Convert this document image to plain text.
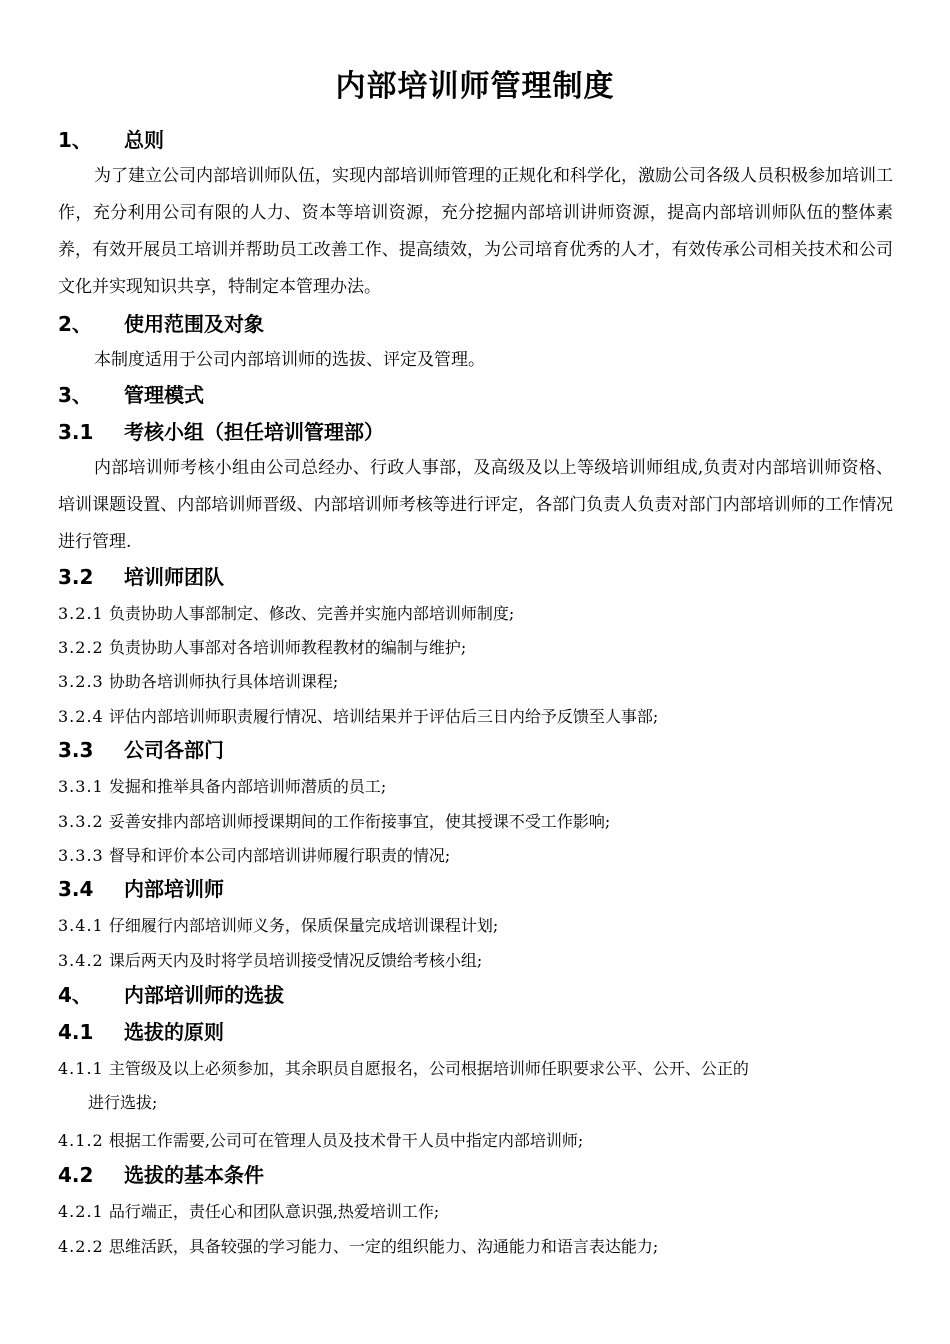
内部培训师管理制度
1、 总则
为了建立公司内部培训师队伍，实现内部培训师管理的正规化和科学化，激励公司各级人员积极参加培训工作，充分利用公司有限的人力、资本等培训资源，充分挖掘内部培训讲师资源，提高内部培训师队伍的整体素养，有效开展员工培训并帮助员工改善工作、提高绩效，为公司培育优秀的人才，有效传承公司相关技术和公司文化并实现知识共享，特制定本管理办法。
2、 使用范围及对象
本制度适用于公司内部培训师的选拔、评定及管理。
3、 管理模式
3.1 考核小组（担任培训管理部）
内部培训师考核小组由公司总经办、行政人事部，及高级及以上等级培训师组成,负责对内部培训师资格、培训课题设置、内部培训师晋级、内部培训师考核等进行评定，各部门负责人负责对部门内部培训师的工作情况进行管理.
3.2 培训师团队
3.2.1 负责协助人事部制定、修改、完善并实施内部培训师制度;
3.2.2 负责协助人事部对各培训师教程教材的编制与维护;
3.2.3 协助各培训师执行具体培训课程;
3.2.4 评估内部培训师职责履行情况、培训结果并于评估后三日内给予反馈至人事部;
3.3 公司各部门
3.3.1 发掘和推举具备内部培训师潜质的员工;
3.3.2 妥善安排内部培训师授课期间的工作衔接事宜，使其授课不受工作影响;
3.3.3 督导和评价本公司内部培训讲师履行职责的情况;
3.4 内部培训师
3.4.1 仔细履行内部培训师义务，保质保量完成培训课程计划;
3.4.2 课后两天内及时将学员培训接受情况反馈给考核小组;
4、 内部培训师的选拔
4.1 选拔的原则
4.1.1 主管级及以上必须参加，其余职员自愿报名，公司根据培训师任职要求公平、公开、公正的
进行选拔;
4.1.2 根据工作需要,公司可在管理人员及技术骨干人员中指定内部培训师;
4.2 选拔的基本条件
4.2.1 品行端正，责任心和团队意识强,热爱培训工作;
4.2.2 思维活跃，具备较强的学习能力、一定的组织能力、沟通能力和语言表达能力;
